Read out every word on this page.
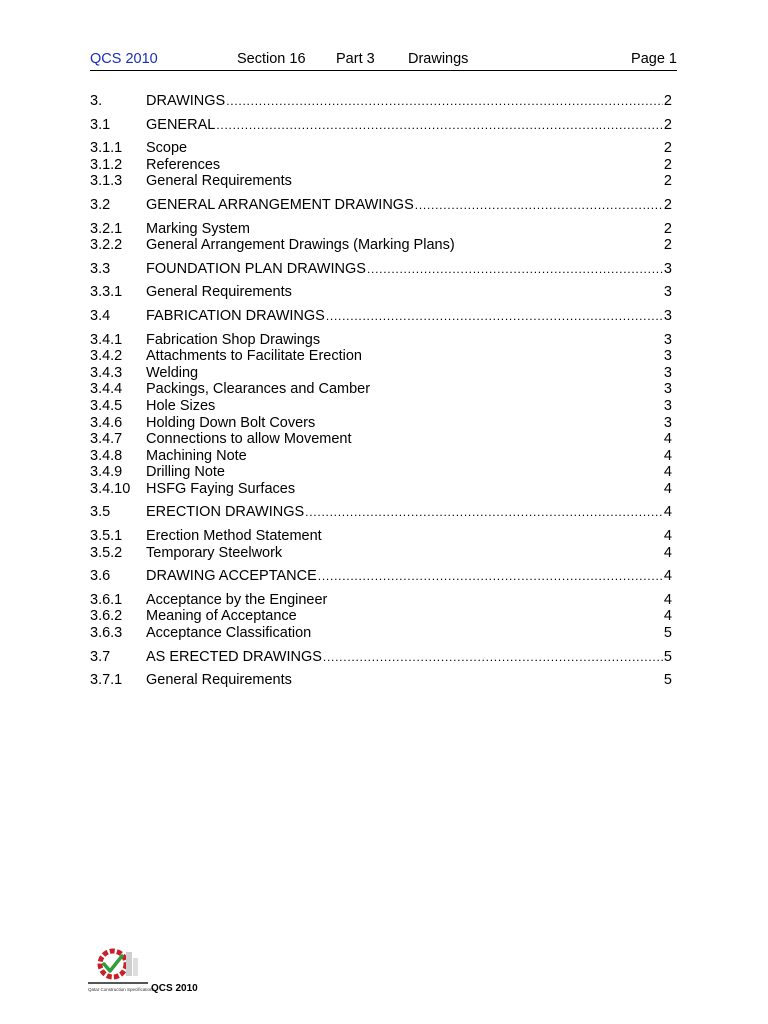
QCS 2010	Section 16 Part 3 Drawings	Page 1
3.	DRAWINGS . . .	2
3.1 GENERAL . . .	2
3.1.1 Scope	2
3.1.2 References	2
3.1.3 General Requirements	2
3.2 GENERAL ARRANGEMENT DRAWINGS . . .	2
3.2.1 Marking System	2
3.2.2 General Arrangement Drawings (Marking Plans)	2
3.3 FOUNDATION PLAN DRAWINGS . . .	3
3.3.1 General Requirements	3
3.4 FABRICATION DRAWINGS . . .	3
3.4.1 Fabrication Shop Drawings	3
3.4.2 Attachments to Facilitate Erection	3
3.4.3 Welding	3
3.4.4 Packings, Clearances and Camber	3
3.4.5 Hole Sizes	3
3.4.6 Holding Down Bolt Covers	3
3.4.7 Connections to allow Movement	4
3.4.8 Machining Note	4
3.4.9 Drilling Note	4
3.4.10 HSFG Faying Surfaces	4
3.5 ERECTION DRAWINGS . . .	4
3.5.1 Erection Method Statement	4
3.5.2 Temporary Steelwork	4
3.6 DRAWING ACCEPTANCE . . .	4
3.6.1 Acceptance by the Engineer	4
3.6.2 Meaning of Acceptance	4
3.6.3 Acceptance Classification	5
3.7 AS ERECTED DRAWINGS . . .	5
3.7.1 General Requirements	5
Qatar Construction Specifications
QCS 2010
